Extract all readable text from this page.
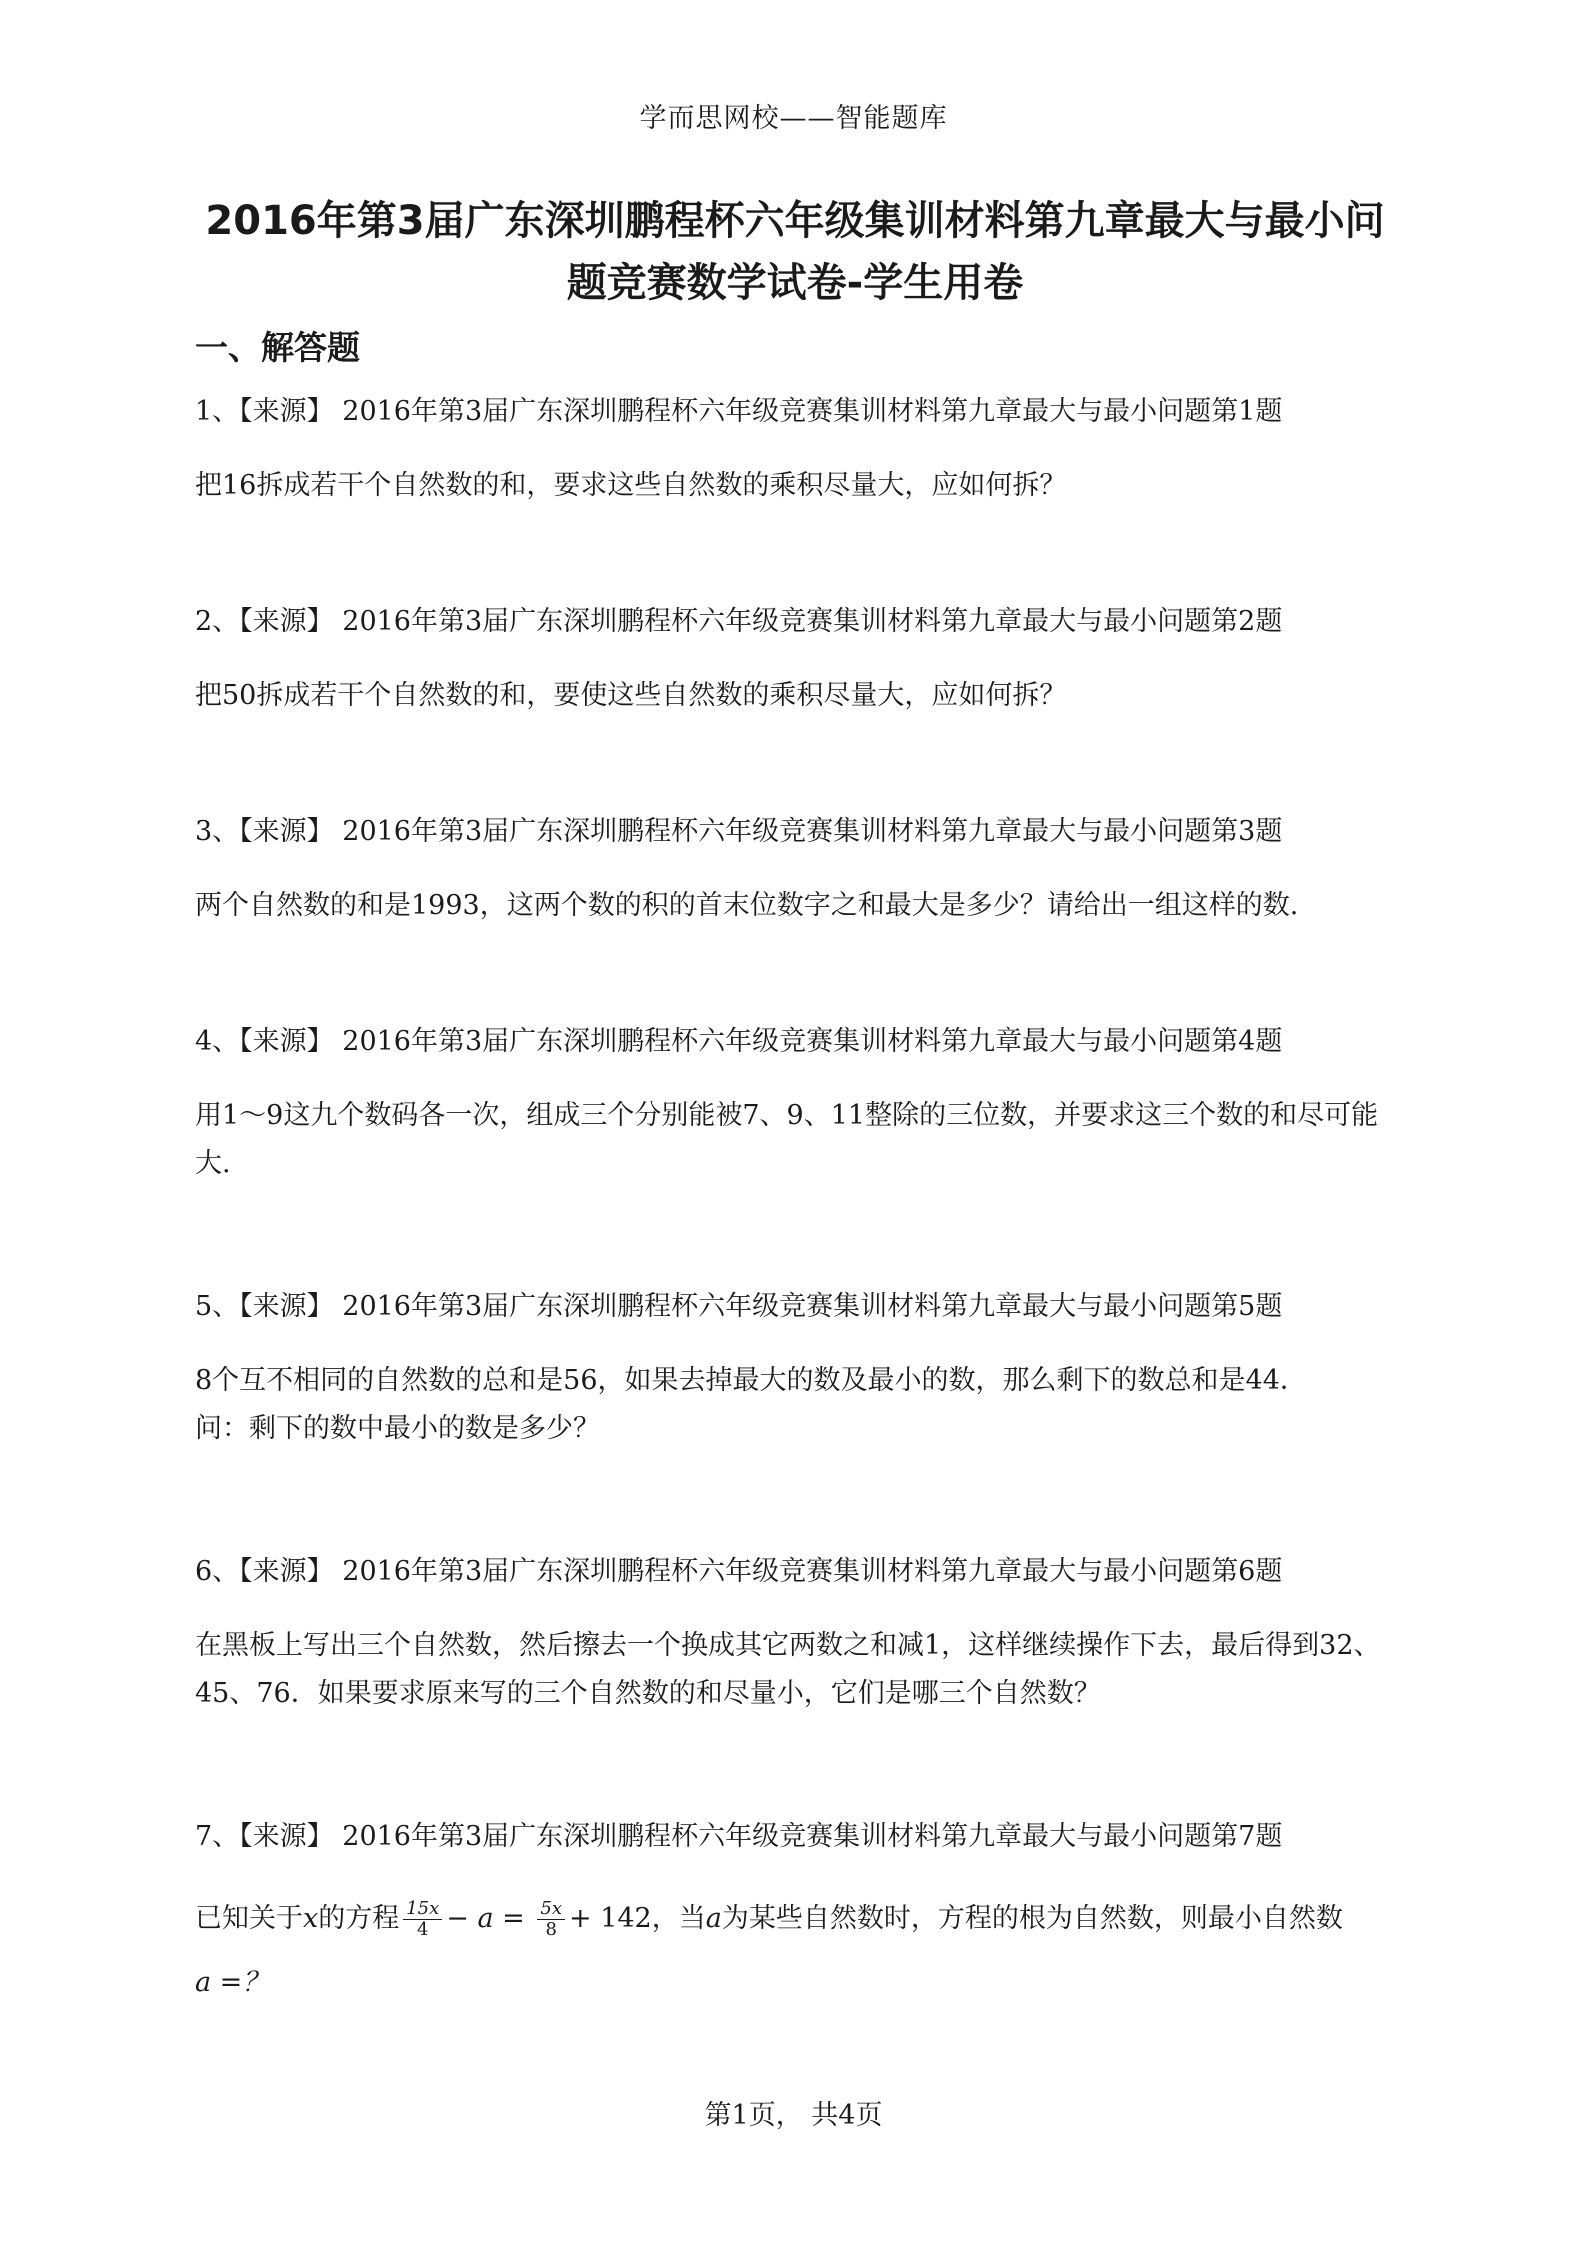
学而思网校——智能题库
2016年第3届广东深圳鹏程杯六年级集训材料第九章最大与最小问题竞赛数学试卷-学生用卷
一、解答题
1、【来源】 2016年第3届广东深圳鹏程杯六年级竞赛集训材料第九章最大与最小问题第1题
把16拆成若干个自然数的和，要求这些自然数的乘积尽量大，应如何拆？
2、【来源】 2016年第3届广东深圳鹏程杯六年级竞赛集训材料第九章最大与最小问题第2题
把50拆成若干个自然数的和，要使这些自然数的乘积尽量大，应如何拆？
3、【来源】 2016年第3届广东深圳鹏程杯六年级竞赛集训材料第九章最大与最小问题第3题
两个自然数的和是1993，这两个数的积的首末位数字之和最大是多少？请给出一组这样的数.
4、【来源】 2016年第3届广东深圳鹏程杯六年级竞赛集训材料第九章最大与最小问题第4题
用1～9这九个数码各一次，组成三个分别能被7、9、11整除的三位数，并要求这三个数的和尽可能大.
5、【来源】 2016年第3届广东深圳鹏程杯六年级竞赛集训材料第九章最大与最小问题第5题
8个互不相同的自然数的总和是56，如果去掉最大的数及最小的数，那么剩下的数总和是44．问：剩下的数中最小的数是多少？
6、【来源】 2016年第3届广东深圳鹏程杯六年级竞赛集训材料第九章最大与最小问题第6题
在黑板上写出三个自然数，然后擦去一个换成其它两数之和减1，这样继续操作下去，最后得到32、45、76．如果要求原来写的三个自然数的和尽量小，它们是哪三个自然数？
7、【来源】 2016年第3届广东深圳鹏程杯六年级竞赛集训材料第九章最大与最小问题第7题
已知关于x的方程 $\frac{15x}{4} - a = \frac{5x}{8} + 142$，当a为某些自然数时，方程的根为自然数，则最小自然数
a =？
第1页， 共4页
